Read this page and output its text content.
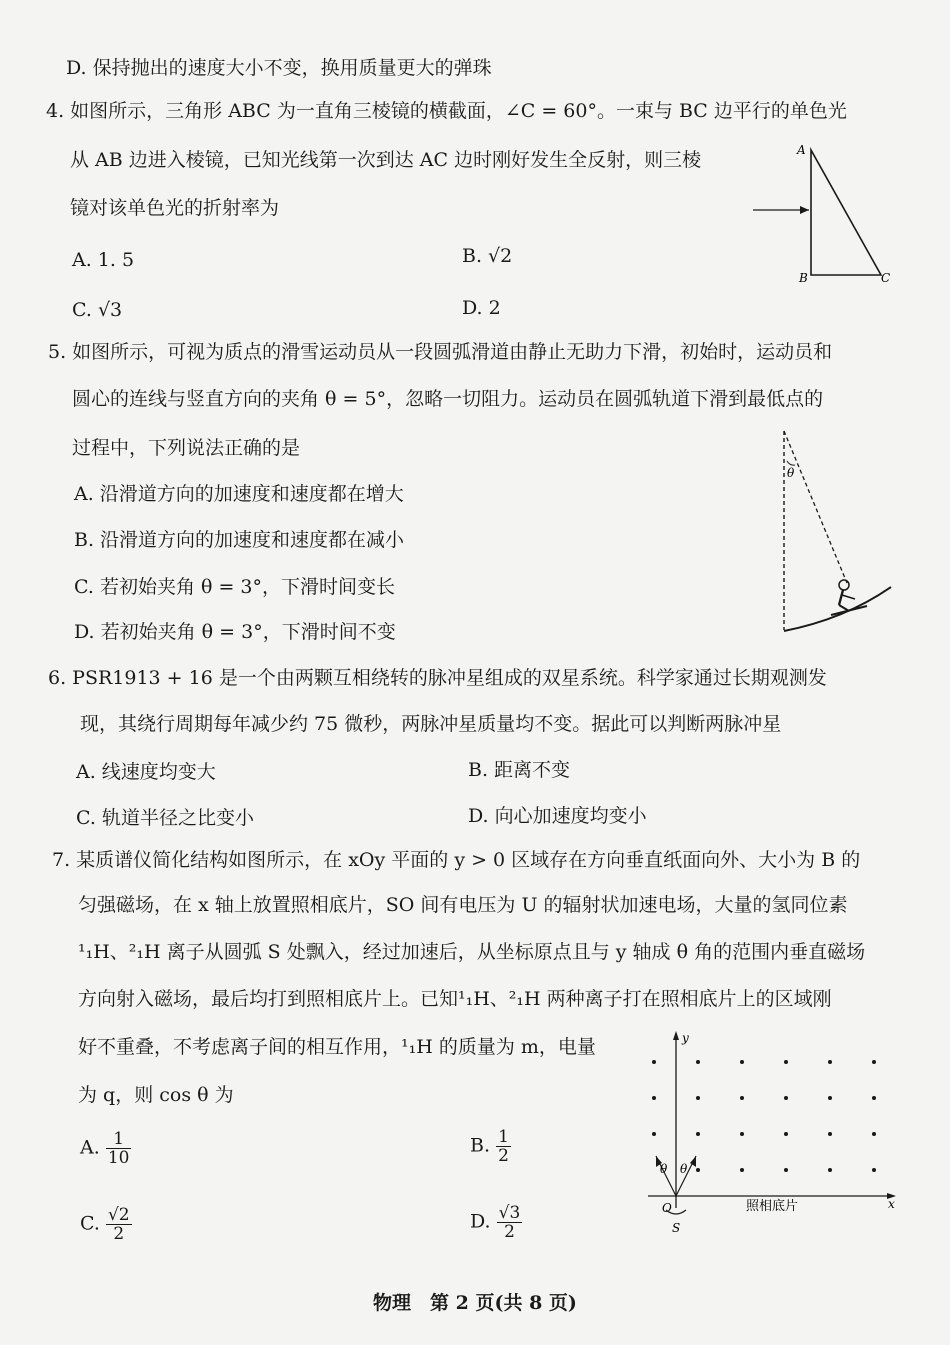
D. 保持抛出的速度大小不变，换用质量更大的弹珠
4. 如图所示，三角形 ABC 为一直角三棱镜的横截面，∠C = 60°。一束与 BC 边平行的单色光
从 AB 边进入棱镜，已知光线第一次到达 AC 边时刚好发生全反射，则三棱
镜对该单色光的折射率为
A. 1. 5	B. √2
C. √3	D. 2
A
B	C
5. 如图所示，可视为质点的滑雪运动员从一段圆弧滑道由静止无助力下滑，初始时，运动员和
圆心的连线与竖直方向的夹角 θ = 5°，忽略一切阻力。运动员在圆弧轨道下滑到最低点的
过程中，下列说法正确的是
A. 沿滑道方向的加速度和速度都在增大
B. 沿滑道方向的加速度和速度都在减小
C. 若初始夹角 θ = 3°，下滑时间变长
D. 若初始夹角 θ = 3°，下滑时间不变
θ
6. PSR1913 + 16 是一个由两颗互相绕转的脉冲星组成的双星系统。科学家通过长期观测发
现，其绕行周期每年减少约 75 微秒，两脉冲星质量均不变。据此可以判断两脉冲星
A. 线速度均变大	B. 距离不变
C. 轨道半径之比变小	D. 向心加速度均变小
7. 某质谱仪简化结构如图所示，在 xOy 平面的 y > 0 区域存在方向垂直纸面向外、大小为 B 的
匀强磁场，在 x 轴上放置照相底片，SO 间有电压为 U 的辐射状加速电场，大量的氢同位素
¹₁H、²₁H 离子从圆弧 S 处飘入，经过加速后，从坐标原点且与 y 轴成 θ 角的范围内垂直磁场
方向射入磁场，最后均打到照相底片上。已知¹₁H、²₁H 两种离子打在照相底片上的区域刚
好不重叠，不考虑离子间的相互作用，¹₁H 的质量为 m，电量
为 q，则 cos θ 为
A. $\frac{1}{10}$	B. $\frac{1}{2}$
C. $\frac{√2}{2}$	D. $\frac{√3}{2}$
y
x
O	照相底片
S
θ θ
物理　第 2 页(共 8 页)
